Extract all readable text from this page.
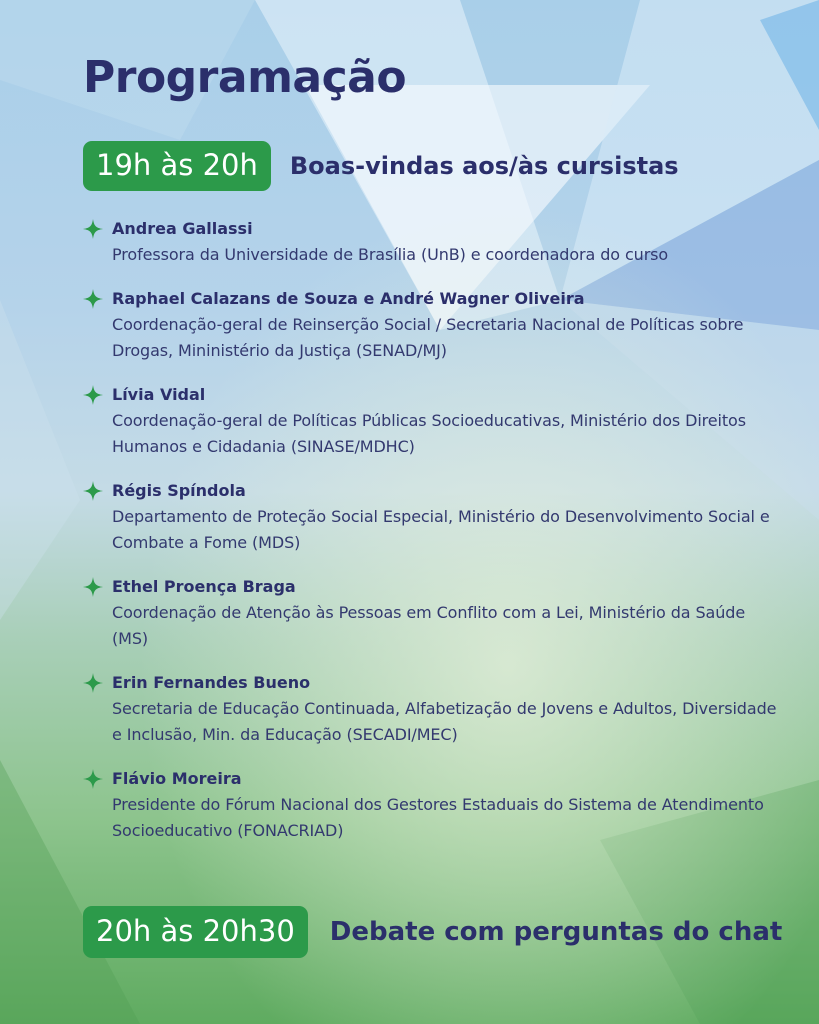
Programação
19h às 20h	Boas-vindas aos/às cursistas
Andrea Gallassi
Professora da Universidade de Brasília (UnB) e coordenadora do curso
Raphael Calazans de Souza e André Wagner Oliveira
Coordenação-geral de Reinserção Social / Secretaria Nacional de Políticas sobre Drogas, Mininistério da Justiça (SENAD/MJ)
Lívia Vidal
Coordenação-geral de Políticas Públicas Socioeducativas, Ministério dos Direitos Humanos e Cidadania (SINASE/MDHC)
Régis Spíndola
Departamento de Proteção Social Especial, Ministério do Desenvolvimento Social e Combate a Fome (MDS)
Ethel Proença Braga
Coordenação de Atenção às Pessoas em Conflito com a Lei, Ministério da Saúde (MS)
Erin Fernandes Bueno
Secretaria de Educação Continuada, Alfabetização de Jovens e Adultos, Diversidade e Inclusão, Min. da Educação (SECADI/MEC)
Flávio Moreira
Presidente do Fórum Nacional dos Gestores Estaduais do Sistema de Atendimento Socioeducativo (FONACRIAD)
20h às 20h30	Debate com perguntas do chat
